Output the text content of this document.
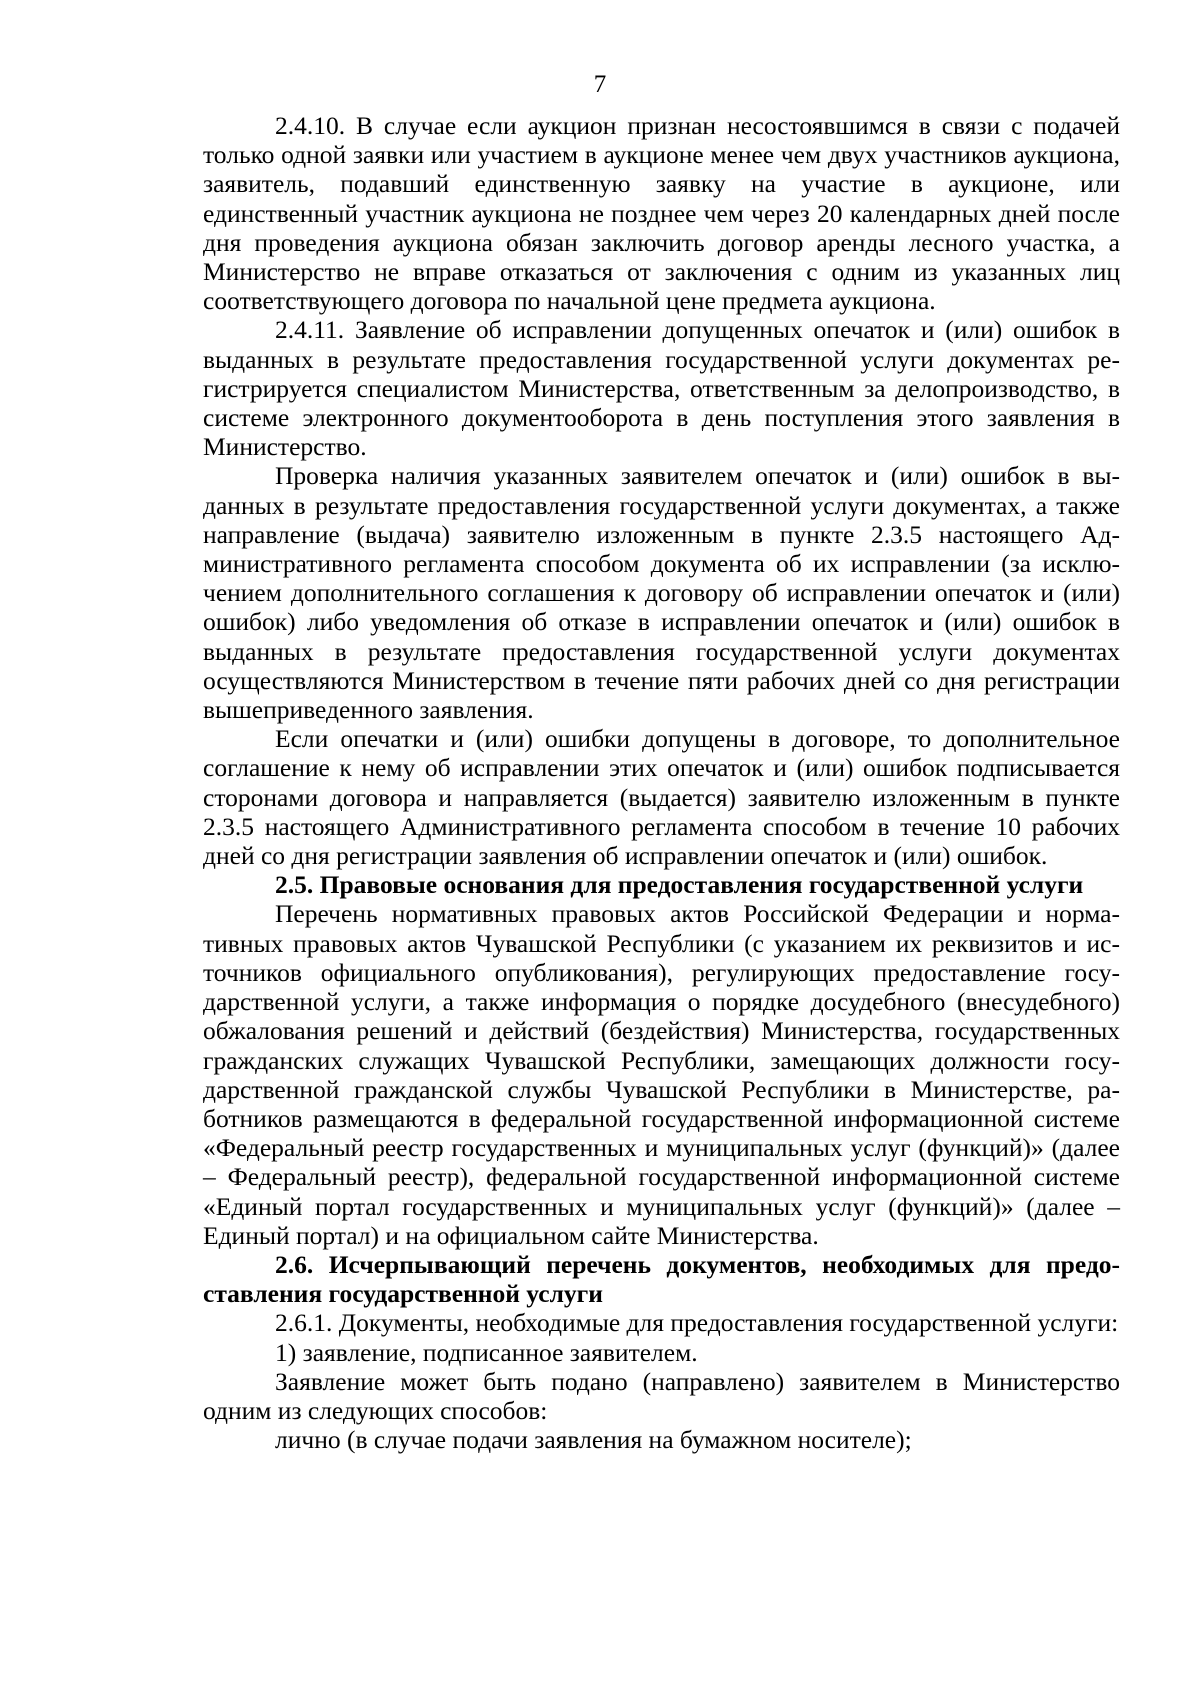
7

2.4.10. В случае если аукцион признан несостоявшимся в связи с подачей только одной заявки или участием в аукционе менее чем двух участников аукциона, заявитель, подавший единственную заявку на участие в аукционе, или единственный участник аукциона не позднее чем через 20 календарных дней после дня проведения аукциона обязан заключить договор аренды лесного участка, а Министерство не вправе отказаться от заключения с одним из указанных лиц соответствующего договора по начальной цене предмета аукциона.

2.4.11. Заявление об исправлении допущенных опечаток и (или) ошибок в выданных в результате предоставления государственной услуги документах регистрируется специалистом Министерства, ответственным за делопроизводство, в системе электронного документооборота в день поступления этого заявления в Министерство.

Проверка наличия указанных заявителем опечаток и (или) ошибок в выданных в результате предоставления государственной услуги документах, а также направление (выдача) заявителю изложенным в пункте 2.3.5 настоящего Административного регламента способом документа об их исправлении (за исключением дополнительного соглашения к договору об исправлении опечаток и (или) ошибок) либо уведомления об отказе в исправлении опечаток и (или) ошибок в выданных в результате предоставления государственной услуги документах осуществляются Министерством в течение пяти рабочих дней со дня регистрации вышеприведенного заявления.

Если опечатки и (или) ошибки допущены в договоре, то дополнительное соглашение к нему об исправлении этих опечаток и (или) ошибок подписывается сторонами договора и направляется (выдается) заявителю изложенным в пункте 2.3.5 настоящего Административного регламента способом в течение 10 рабочих дней со дня регистрации заявления об исправлении опечаток и (или) ошибок.

2.5. Правовые основания для предоставления государственной услуги

Перечень нормативных правовых актов Российской Федерации и нормативных правовых актов Чувашской Республики (с указанием их реквизитов и источников официального опубликования), регулирующих предоставление государственной услуги, а также информация о порядке досудебного (внесудебного) обжалования решений и действий (бездействия) Министерства, государственных гражданских служащих Чувашской Республики, замещающих должности государственной гражданской службы Чувашской Республики в Министерстве, работников размещаются в федеральной государственной информационной системе «Федеральный реестр государственных и муниципальных услуг (функций)» (далее – Федеральный реестр), федеральной государственной информационной системе «Единый портал государственных и муниципальных услуг (функций)» (далее – Единый портал) и на официальном сайте Министерства.

2.6. Исчерпывающий перечень документов, необходимых для предоставления государственной услуги

2.6.1. Документы, необходимые для предоставления государственной услуги:

1) заявление, подписанное заявителем.

Заявление может быть подано (направлено) заявителем в Министерство одним из следующих способов:

лично (в случае подачи заявления на бумажном носителе);
